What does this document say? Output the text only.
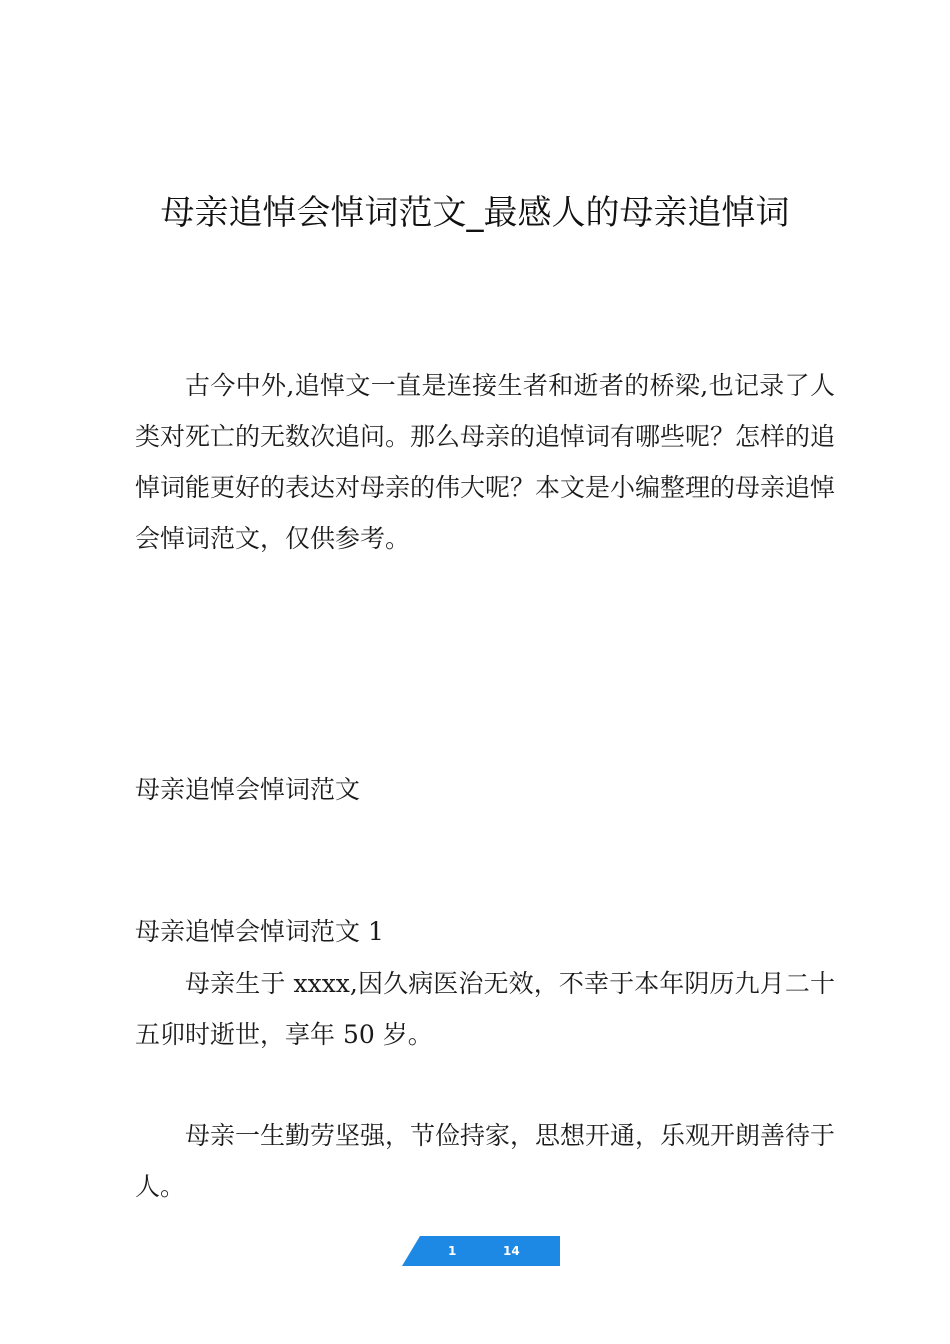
母亲追悼会悼词范文_最感人的母亲追悼词

古今中外,追悼文一直是连接生者和逝者的桥梁,也记录了人类对死亡的无数次追问。那么母亲的追悼词有哪些呢？怎样的追悼词能更好的表达对母亲的伟大呢？本文是小编整理的母亲追悼会悼词范文，仅供参考。

母亲追悼会悼词范文

母亲追悼会悼词范文 1

母亲生于 xxxx,因久病医治无效，不幸于本年阴历九月二十五卯时逝世，享年 50 岁。

母亲一生勤劳坚强，节俭持家，思想开通，乐观开朗善待于人。

1	14
